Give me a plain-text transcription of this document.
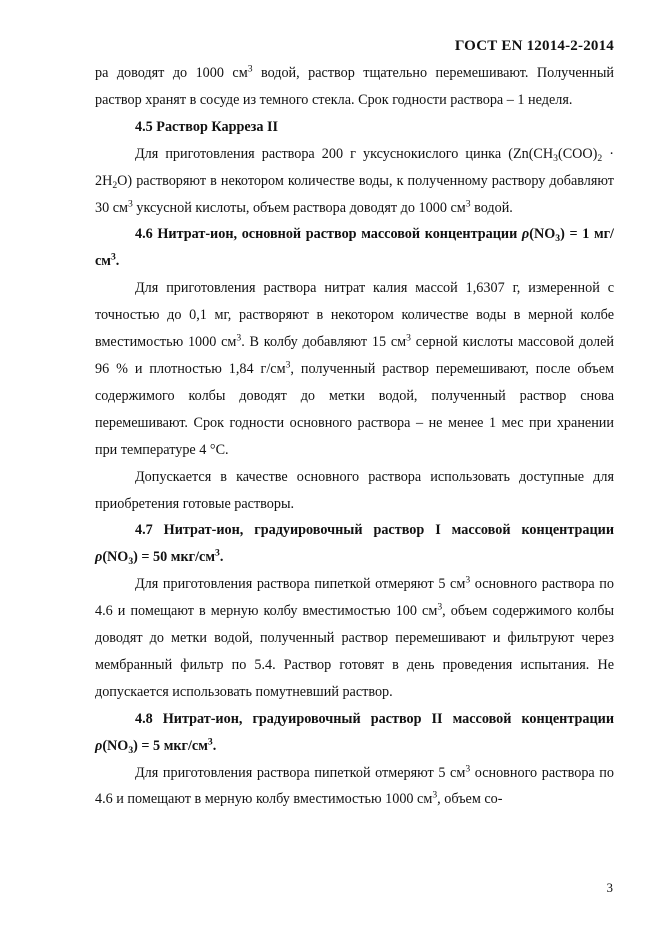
ГОСТ EN 12014-2-2014

ра доводят до 1000 $см^3$ водой, раствор тщательно перемешивают. Полученный раствор хранят в сосуде из темного стекла. Срок годности раствора – 1 неделя.

4.5 Раствор Карреза II

Для приготовления раствора 200 г уксуснокислого цинка ($Zn(CH_3(COO)_2 \cdot 2H_2O)$ растворяют в некотором количестве воды, к полученному раствору добавляют 30 $см^3$ уксусной кислоты, объем раствора доводят до 1000 $см^3$ водой.

4.6 Нитрат-ион, основной раствор массовой концентрации $\rho(NO_3) = 1$ $мг/см^3$.

Для приготовления раствора нитрат калия массой 1,6307 г, измеренной с точностью до 0,1 мг, растворяют в некотором количестве воды в мерной колбе вместимостью 1000 $см^3$. В колбу добавляют 15 $см^3$ серной кислоты массовой долей 96 % и плотностью 1,84 $г/см^3$, полученный раствор перемешивают, после объем содержимого колбы доводят до метки водой, полученный раствор снова перемешивают. Срок годности основного раствора – не менее 1 мес при хранении при температуре 4 °С.

Допускается в качестве основного раствора использовать доступные для приобретения готовые растворы.

4.7 Нитрат-ион, градуировочный раствор I массовой концентрации $\rho(NO_3) = 50$ мкг/$см^3$.

Для приготовления раствора пипеткой отмеряют 5 $см^3$ основного раствора по 4.6 и помещают в мерную колбу вместимостью 100 $см^3$, объем содержимого колбы доводят до метки водой, полученный раствор перемешивают и фильтруют через мембранный фильтр по 5.4. Раствор готовят в день проведения испытания. Не допускается использовать помутневший раствор.

4.8 Нитрат-ион, градуировочный раствор II массовой концентрации $\rho(NO_3) = 5$ мкг/$см^3$.

Для приготовления раствора пипеткой отмеряют 5 $см^3$ основного раствора по 4.6 и помещают в мерную колбу вместимостью 1000 $см^3$, объем со-

3
